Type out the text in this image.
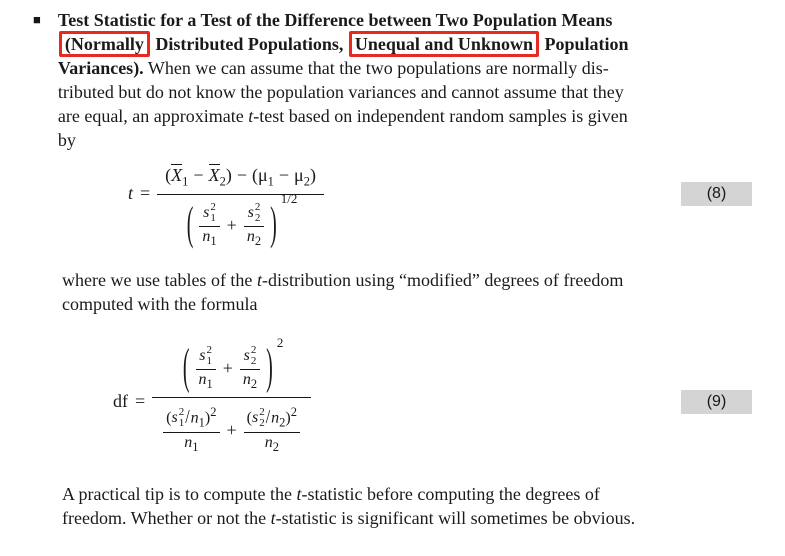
■ Test Statistic for a Test of the Difference between Two Population Means
(Normally Distributed Populations, Unequal and Unknown Population
Variances). When we can assume that the two populations are normally dis-
tributed but do not know the population variances and cannot assume that they
are equal, an approximate t-test based on independent random samples is given
by
$t = (X_1 - X_2) - (\mu_1 - \mu_2)$
( s 2
1
$n_1 + s$ 2
2
$n_2$ ) $^{1/2}$	(8)
where we use tables of the t-distribution using “modified” degrees of freedom
computed with the formula
df = ( s 2
1
$n_1 + s$ 2
2
$n_2$ ) $^2$
( s 2
1 $/n_1)^2$
$n_1$ + ( s 2
2 $/n_2)^2$
$n_2$	(9)
A practical tip is to compute the t-statistic before computing the degrees of
freedom. Whether or not the t-statistic is significant will sometimes be obvious.
